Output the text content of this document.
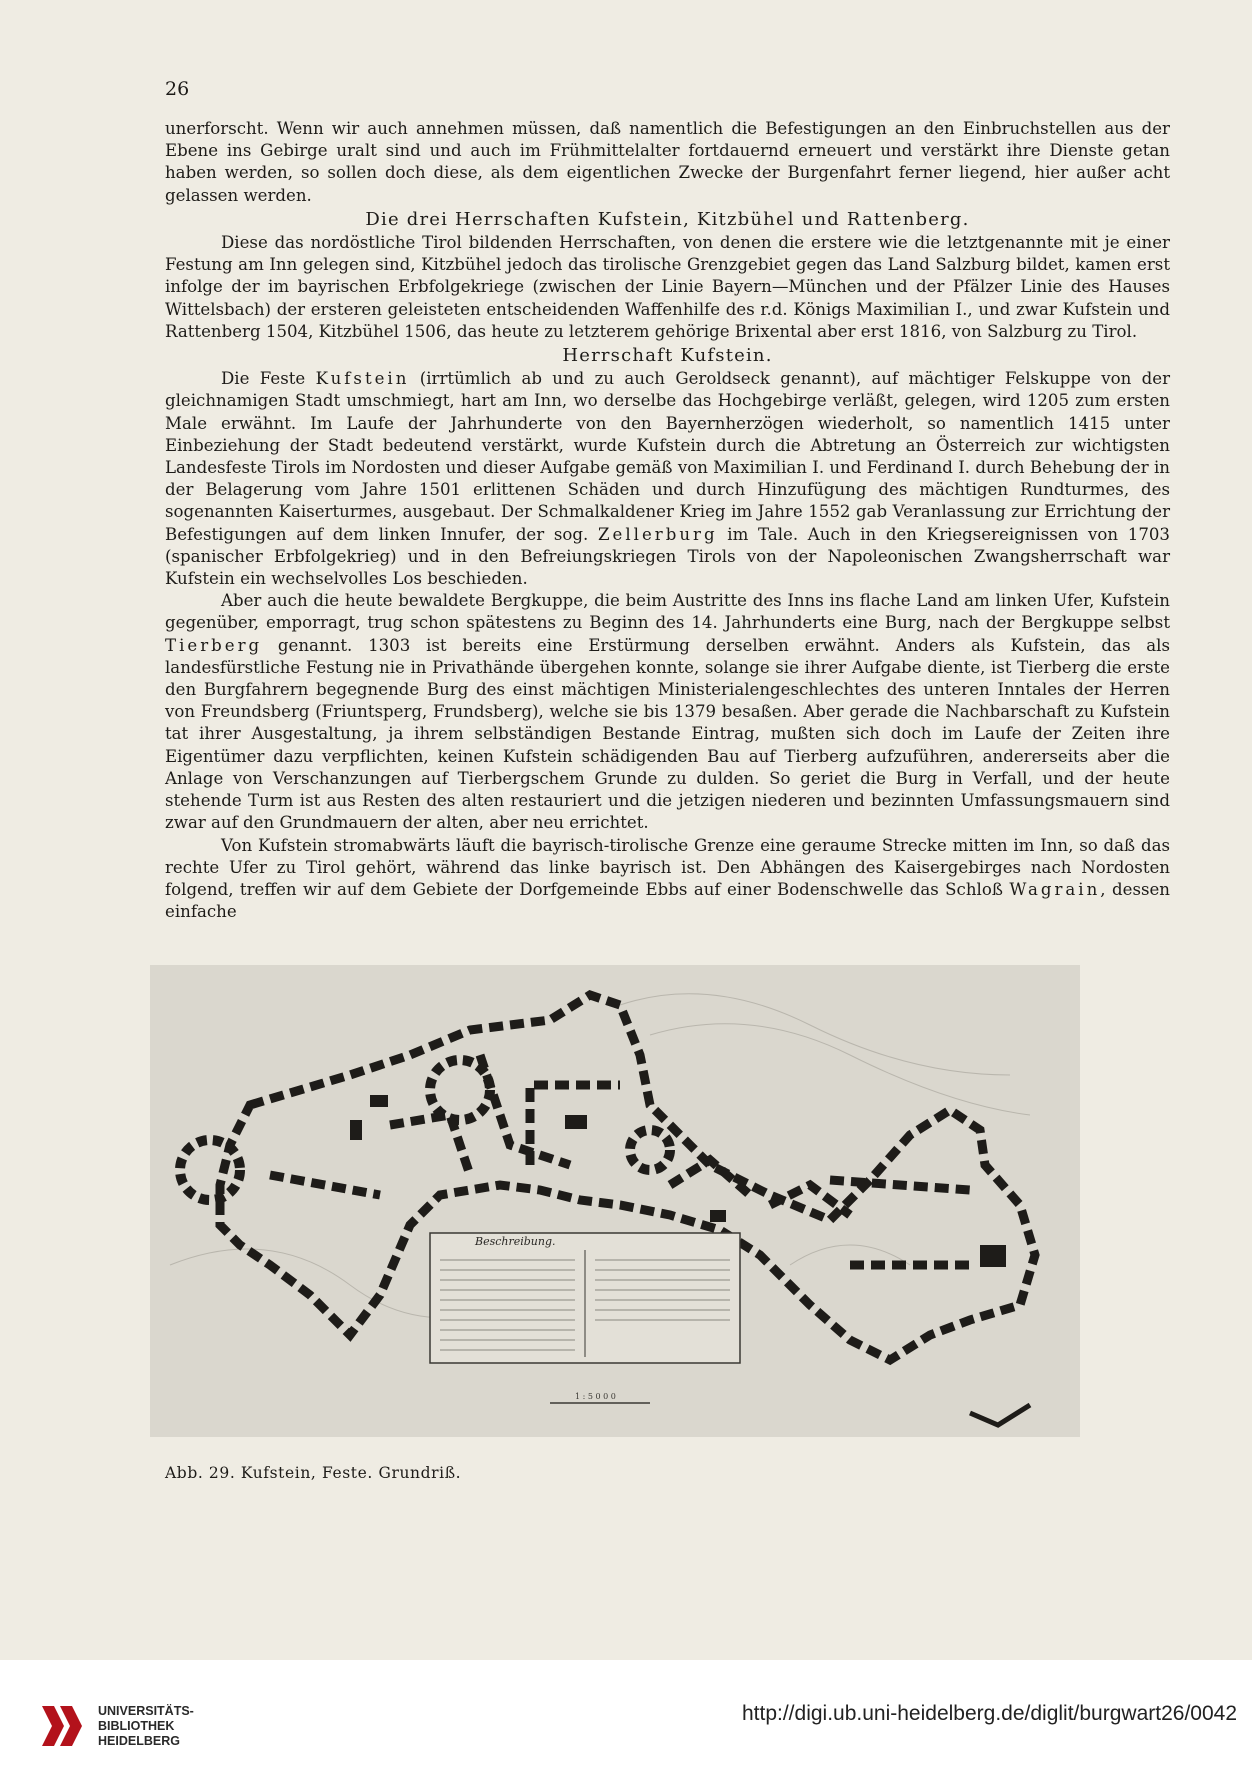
26

unerforscht. Wenn wir auch annehmen müssen, daß namentlich die Befestigungen an den Einbruchstellen aus der Ebene ins Gebirge uralt sind und auch im Frühmittelalter fortdauernd erneuert und verstärkt ihre Dienste getan haben werden, so sollen doch diese, als dem eigentlichen Zwecke der Burgenfahrt ferner liegend, hier außer acht gelassen werden.

Die drei Herrschaften Kufstein, Kitzbühel und Rattenberg.

Diese das nordöstliche Tirol bildenden Herrschaften, von denen die erstere wie die letztgenannte mit je einer Festung am Inn gelegen sind, Kitzbühel jedoch das tirolische Grenzgebiet gegen das Land Salzburg bildet, kamen erst infolge der im bayrischen Erbfolgekriege (zwischen der Linie Bayern—München und der Pfälzer Linie des Hauses Wittelsbach) der ersteren geleisteten entscheidenden Waffenhilfe des r.d. Königs Maximilian I., und zwar Kufstein und Rattenberg 1504, Kitzbühel 1506, das heute zu letzterem gehörige Brixental aber erst 1816, von Salzburg zu Tirol.

Herrschaft Kufstein.

Die Feste Kufstein (irrtümlich ab und zu auch Geroldseck genannt), auf mächtiger Felskuppe von der gleichnamigen Stadt umschmiegt, hart am Inn, wo derselbe das Hochgebirge verläßt, gelegen, wird 1205 zum ersten Male erwähnt. Im Laufe der Jahrhunderte von den Bayernherzögen wiederholt, so namentlich 1415 unter Einbeziehung der Stadt bedeutend verstärkt, wurde Kufstein durch die Abtretung an Österreich zur wichtigsten Landesfeste Tirols im Nordosten und dieser Aufgabe gemäß von Maximilian I. und Ferdinand I. durch Behebung der in der Belagerung vom Jahre 1501 erlittenen Schäden und durch Hinzufügung des mächtigen Rundturmes, des sogenannten Kaiserturmes, ausgebaut. Der Schmalkaldener Krieg im Jahre 1552 gab Veranlassung zur Errichtung der Befestigungen auf dem linken Innufer, der sog. Zellerburg im Tale. Auch in den Kriegsereignissen von 1703 (spanischer Erbfolgekrieg) und in den Befreiungskriegen Tirols von der Napoleonischen Zwangsherrschaft war Kufstein ein wechselvolles Los beschieden.

Aber auch die heute bewaldete Bergkuppe, die beim Austritte des Inns ins flache Land am linken Ufer, Kufstein gegenüber, emporragt, trug schon spätestens zu Beginn des 14. Jahrhunderts eine Burg, nach der Bergkuppe selbst Tierberg genannt. 1303 ist bereits eine Erstürmung derselben erwähnt. Anders als Kufstein, das als landesfürstliche Festung nie in Privathände übergehen konnte, solange sie ihrer Aufgabe diente, ist Tierberg die erste den Burgfahrern begegnende Burg des einst mächtigen Ministerialengeschlechtes des unteren Inntales der Herren von Freundsberg (Friuntsperg, Frundsberg), welche sie bis 1379 besaßen. Aber gerade die Nachbarschaft zu Kufstein tat ihrer Ausgestaltung, ja ihrem selbständigen Bestande Eintrag, mußten sich doch im Laufe der Zeiten ihre Eigentümer dazu verpflichten, keinen Kufstein schädigenden Bau auf Tierberg aufzuführen, andererseits aber die Anlage von Verschanzungen auf Tierbergschem Grunde zu dulden. So geriet die Burg in Verfall, und der heute stehende Turm ist aus Resten des alten restauriert und die jetzigen niederen und bezinnten Umfassungsmauern sind zwar auf den Grundmauern der alten, aber neu errichtet.

Von Kufstein stromabwärts läuft die bayrisch-tirolische Grenze eine geraume Strecke mitten im Inn, so daß das rechte Ufer zu Tirol gehört, während das linke bayrisch ist. Den Abhängen des Kaisergebirges nach Nordosten folgend, treffen wir auf dem Gebiete der Dorfgemeinde Ebbs auf einer Bodenschwelle das Schloß Wagrain, dessen einfache

Beschreibung.
1 : 5 0 0 0
Abb. 29. Kufstein, Feste. Grundriß.
UNIVERSITÄTS-
BIBLIOTHEK
HEIDELBERG
http://digi.ub.uni-heidelberg.de/diglit/burgwart26/0042
